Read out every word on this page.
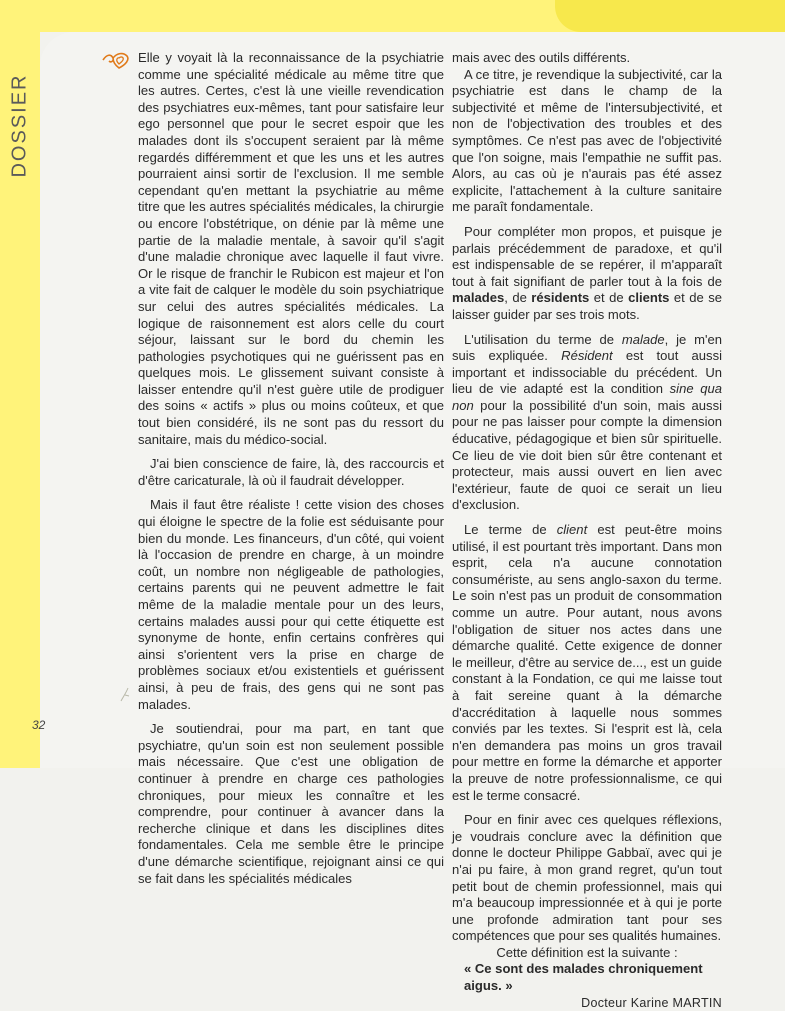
DOSSIER

Elle y voyait là la reconnaissance de la psychiatrie comme une spécialité médicale au même titre que les autres. Certes, c'est là une vieille revendication des psychiatres eux-mêmes, tant pour satisfaire leur ego personnel que pour le secret espoir que les malades dont ils s'occupent seraient par là même regardés différemment et que les uns et les autres pourraient ainsi sortir de l'exclusion. Il me semble cependant qu'en mettant la psychiatrie au même titre que les autres spécialités médicales, la chirurgie ou encore l'obstétrique, on dénie par là même une partie de la maladie mentale, à savoir qu'il s'agit d'une maladie chronique avec laquelle il faut vivre. Or le risque de franchir le Rubicon est majeur et l'on a vite fait de calquer le modèle du soin psychiatrique sur celui des autres spécialités médicales. La logique de raisonnement est alors celle du court séjour, laissant sur le bord du chemin les pathologies psychotiques qui ne guérissent pas en quelques mois. Le glissement suivant consiste à laisser entendre qu'il n'est guère utile de prodiguer des soins « actifs » plus ou moins coûteux, et que tout bien considéré, ils ne sont pas du ressort du sanitaire, mais du médico-social.

J'ai bien conscience de faire, là, des raccourcis et d'être caricaturale, là où il faudrait développer.

Mais il faut être réaliste ! cette vision des choses qui éloigne le spectre de la folie est séduisante pour bien du monde. Les financeurs, d'un côté, qui voient là l'occasion de prendre en charge, à un moindre coût, un nombre non négligeable de pathologies, certains parents qui ne peuvent admettre le fait même de la maladie mentale pour un des leurs, certains malades aussi pour qui cette étiquette est synonyme de honte, enfin certains confrères qui ainsi s'orientent vers la prise en charge de problèmes sociaux et/ou existentiels et guérissent ainsi, à peu de frais, des gens qui ne sont pas malades.

Je soutiendrai, pour ma part, en tant que psychiatre, qu'un soin est non seulement possible mais nécessaire. Que c'est une obligation de continuer à prendre en charge ces pathologies chroniques, pour mieux les connaître et les comprendre, pour continuer à avancer dans la recherche clinique et dans les disciplines dites fondamentales. Cela me semble être le principe d'une démarche scientifique, rejoignant ainsi ce qui se fait dans les spécialités médicales

mais avec des outils différents.

A ce titre, je revendique la subjectivité, car la psychiatrie est dans le champ de la subjectivité et même de l'intersubjectivité, et non de l'objectivation des troubles et des symptômes. Ce n'est pas avec de l'objectivité que l'on soigne, mais l'empathie ne suffit pas. Alors, au cas où je n'aurais pas été assez explicite, l'attachement à la culture sanitaire me paraît fondamentale.

Pour compléter mon propos, et puisque je parlais précédemment de paradoxe, et qu'il est indispensable de se repérer, il m'apparaît tout à fait signifiant de parler tout à la fois de malades, de résidents et de clients et de se laisser guider par ses trois mots.

L'utilisation du terme de malade, je m'en suis expliquée. Résident est tout aussi important et indissociable du précédent. Un lieu de vie adapté est la condition sine qua non pour la possibilité d'un soin, mais aussi pour ne pas laisser pour compte la dimension éducative, pédagogique et bien sûr spirituelle. Ce lieu de vie doit bien sûr être contenant et protecteur, mais aussi ouvert en lien avec l'extérieur, faute de quoi ce serait un lieu d'exclusion.

Le terme de client est peut-être moins utilisé, il est pourtant très important. Dans mon esprit, cela n'a aucune connotation consumériste, au sens anglo-saxon du terme. Le soin n'est pas un produit de consommation comme un autre. Pour autant, nous avons l'obligation de situer nos actes dans une démarche qualité. Cette exigence de donner le meilleur, d'être au service de..., est un guide constant à la Fondation, ce qui me laisse tout à fait sereine quant à la démarche d'accréditation à laquelle nous sommes conviés par les textes. Si l'esprit est là, cela n'en demandera pas moins un gros travail pour mettre en forme la démarche et apporter la preuve de notre professionnalisme, ce qui est le terme consacré.

Pour en finir avec ces quelques réflexions, je voudrais conclure avec la définition que donne le docteur Philippe Gabbaï, avec qui je n'ai pu faire, à mon grand regret, qu'un tout petit bout de chemin professionnel, mais qui m'a beaucoup impressionnée et à qui je porte une profonde admiration tant pour ses compétences que pour ses qualités humaines.

Cette définition est la suivante :

« Ce sont des malades chroniquement aigus. »

Docteur Karine MARTIN

32
